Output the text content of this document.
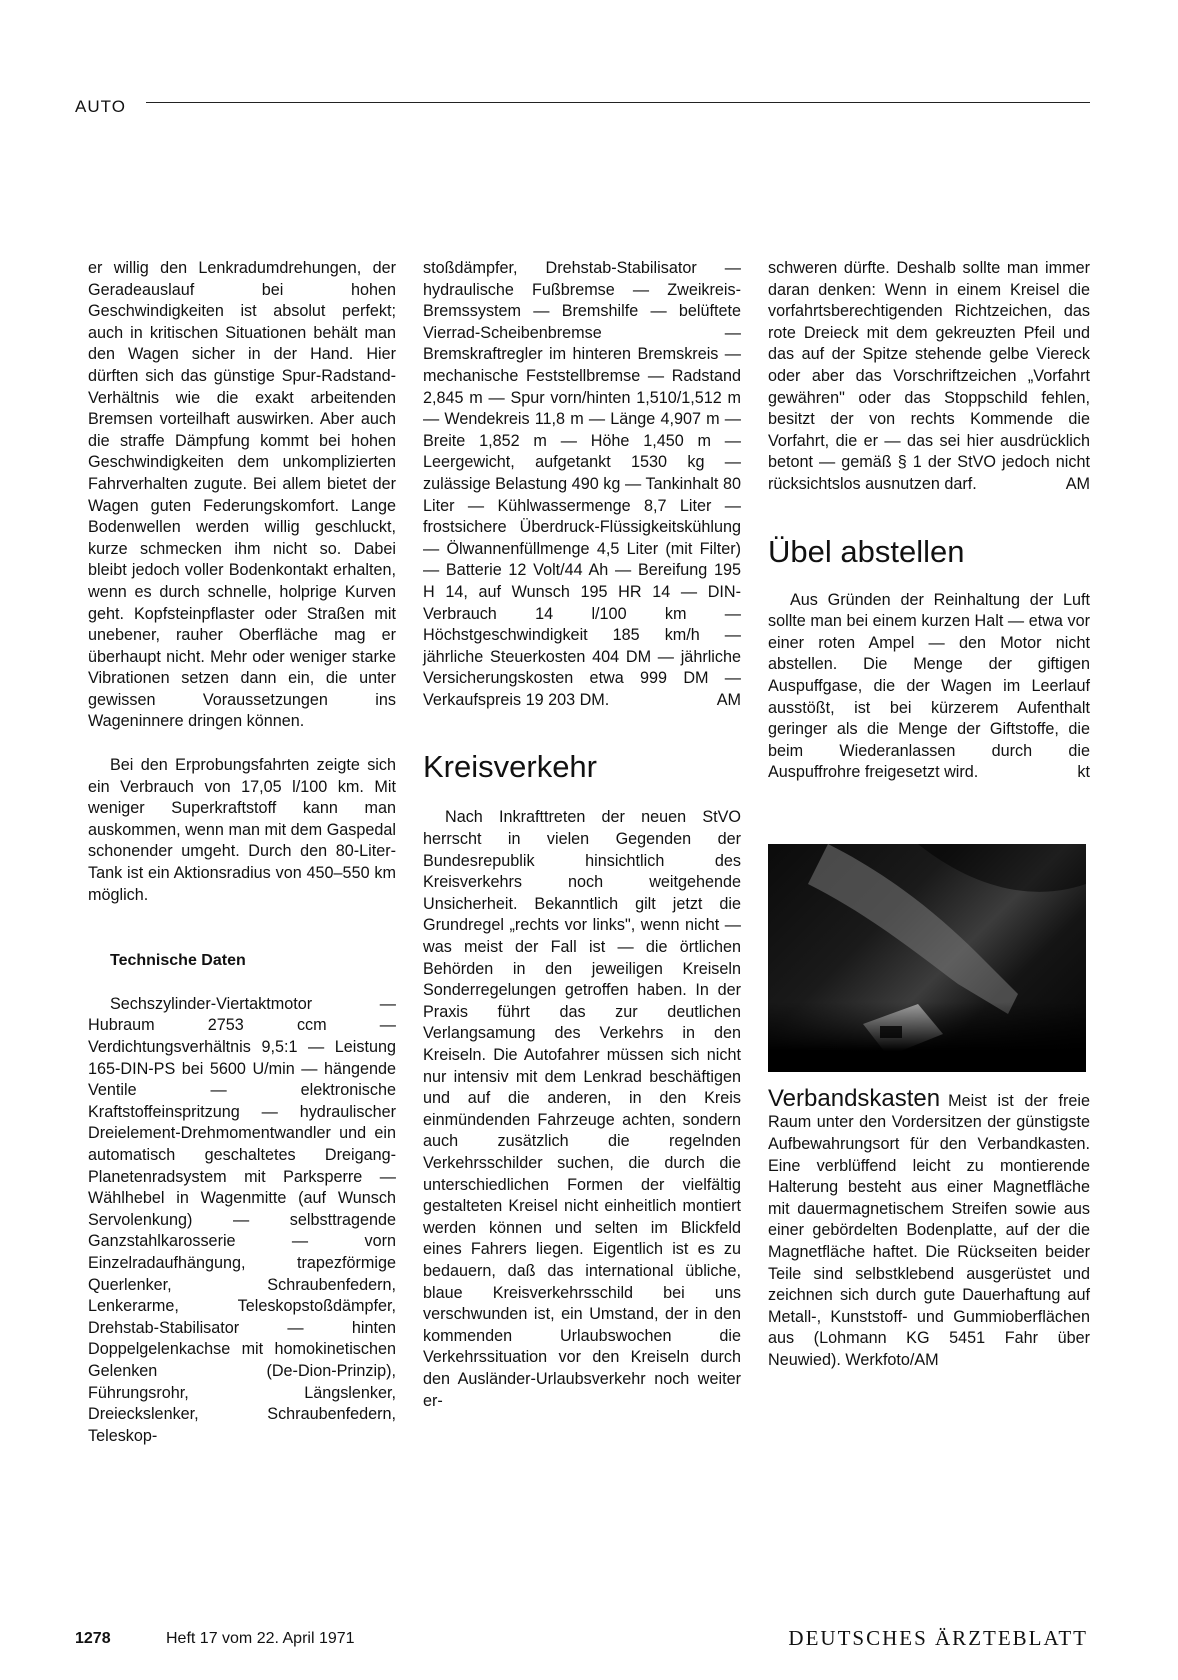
AUTO

er willig den Lenkradumdrehungen, der Geradeauslauf bei hohen Geschwindigkeiten ist absolut perfekt; auch in kritischen Situationen behält man den Wagen sicher in der Hand. Hier dürften sich das günstige Spur-Radstand-Verhältnis wie die exakt arbeitenden Bremsen vorteilhaft auswirken. Aber auch die straffe Dämpfung kommt bei hohen Geschwindigkeiten dem unkomplizierten Fahrverhalten zugute. Bei allem bietet der Wagen guten Federungskomfort. Lange Bodenwellen werden willig geschluckt, kurze schmecken ihm nicht so. Dabei bleibt jedoch voller Bodenkontakt erhalten, wenn es durch schnelle, holprige Kurven geht. Kopfsteinpflaster oder Straßen mit unebener, rauher Oberfläche mag er überhaupt nicht. Mehr oder weniger starke Vibrationen setzen dann ein, die unter gewissen Voraussetzungen ins Wageninnere dringen können.

Bei den Erprobungsfahrten zeigte sich ein Verbrauch von 17,05 l/100 km. Mit weniger Superkraftstoff kann man auskommen, wenn man mit dem Gaspedal schonender umgeht. Durch den 80-Liter-Tank ist ein Aktionsradius von 450–550 km möglich.

Technische Daten

Sechszylinder-Viertaktmotor — Hubraum 2753 ccm — Verdichtungsverhältnis 9,5:1 — Leistung 165-DIN-PS bei 5600 U/min — hängende Ventile — elektronische Kraftstoffeinspritzung — hydraulischer Dreielement-Drehmomentwandler und ein automatisch geschaltetes Dreigang-Planetenradsystem mit Parksperre — Wählhebel in Wagenmitte (auf Wunsch Servolenkung) — selbsttragende Ganzstahlkarosserie — vorn Einzelradaufhängung, trapezförmige Querlenker, Schraubenfedern, Lenkerarme, Teleskopstoßdämpfer, Drehstab-Stabilisator — hinten Doppelgelenkachse mit homokinetischen Gelenken (De-Dion-Prinzip), Führungsrohr, Längslenker, Dreieckslenker, Schraubenfedern, Teleskop-

stoßdämpfer, Drehstab-Stabilisator — hydraulische Fußbremse — Zweikreis-Bremssystem — Bremshilfe — belüftete Vierrad-Scheibenbremse — Bremskraftregler im hinteren Bremskreis — mechanische Feststellbremse — Radstand 2,845 m — Spur vorn/hinten 1,510/1,512 m — Wendekreis 11,8 m — Länge 4,907 m — Breite 1,852 m — Höhe 1,450 m — Leergewicht, aufgetankt 1530 kg — zulässige Belastung 490 kg — Tankinhalt 80 Liter — Kühlwassermenge 8,7 Liter — frostsichere Überdruck-Flüssigkeitskühlung — Ölwannenfüllmenge 4,5 Liter (mit Filter) — Batterie 12 Volt/44 Ah — Bereifung 195 H 14, auf Wunsch 195 HR 14 — DIN-Verbrauch 14 l/100 km — Höchstgeschwindigkeit 185 km/h — jährliche Steuerkosten 404 DM — jährliche Versicherungskosten etwa 999 DM — Verkaufspreis 19 203 DM.	AM

Kreisverkehr

Nach Inkrafttreten der neuen StVO herrscht in vielen Gegenden der Bundesrepublik hinsichtlich des Kreisverkehrs noch weitgehende Unsicherheit. Bekanntlich gilt jetzt die Grundregel „rechts vor links", wenn nicht — was meist der Fall ist — die örtlichen Behörden in den jeweiligen Kreiseln Sonderregelungen getroffen haben. In der Praxis führt das zur deutlichen Verlangsamung des Verkehrs in den Kreiseln. Die Autofahrer müssen sich nicht nur intensiv mit dem Lenkrad beschäftigen und auf die anderen, in den Kreis einmündenden Fahrzeuge achten, sondern auch zusätzlich die regelnden Verkehrsschilder suchen, die durch die unterschiedlichen Formen der vielfältig gestalteten Kreisel nicht einheitlich montiert werden können und selten im Blickfeld eines Fahrers liegen. Eigentlich ist es zu bedauern, daß das international übliche, blaue Kreisverkehrsschild bei uns verschwunden ist, ein Umstand, der in den kommenden Urlaubswochen die Verkehrssituation vor den Kreiseln durch den Ausländer-Urlaubsverkehr noch weiter er-

schweren dürfte. Deshalb sollte man immer daran denken: Wenn in einem Kreisel die vorfahrtsberechtigenden Richtzeichen, das rote Dreieck mit dem gekreuzten Pfeil und das auf der Spitze stehende gelbe Viereck oder aber das Vorschriftzeichen „Vorfahrt gewähren" oder das Stoppschild fehlen, besitzt der von rechts Kommende die Vorfahrt, die er — das sei hier ausdrücklich betont — gemäß § 1 der StVO jedoch nicht rücksichtslos ausnutzen darf.	AM

Übel abstellen

Aus Gründen der Reinhaltung der Luft sollte man bei einem kurzen Halt — etwa vor einer roten Ampel — den Motor nicht abstellen. Die Menge der giftigen Auspuffgase, die der Wagen im Leerlauf ausstößt, ist bei kürzerem Aufenthalt geringer als die Menge der Giftstoffe, die beim Wiederanlassen durch die Auspuffrohre freigesetzt wird.	kt

Verbandskasten Meist ist der freie Raum unter den Vordersitzen der günstigste Aufbewahrungsort für den Verbandkasten. Eine verblüffend leicht zu montierende Halterung besteht aus einer Magnetfläche mit dauermagnetischem Streifen sowie aus einer gebördelten Bodenplatte, auf der die Magnetfläche haftet. Die Rückseiten beider Teile sind selbstklebend ausgerüstet und zeichnen sich durch gute Dauerhaftung auf Metall-, Kunststoff- und Gummioberflächen aus (Lohmann KG 5451 Fahr über Neuwied). Werkfoto/AM

1278	Heft 17 vom 22. April 1971	DEUTSCHES ÄRZTEBLATT
